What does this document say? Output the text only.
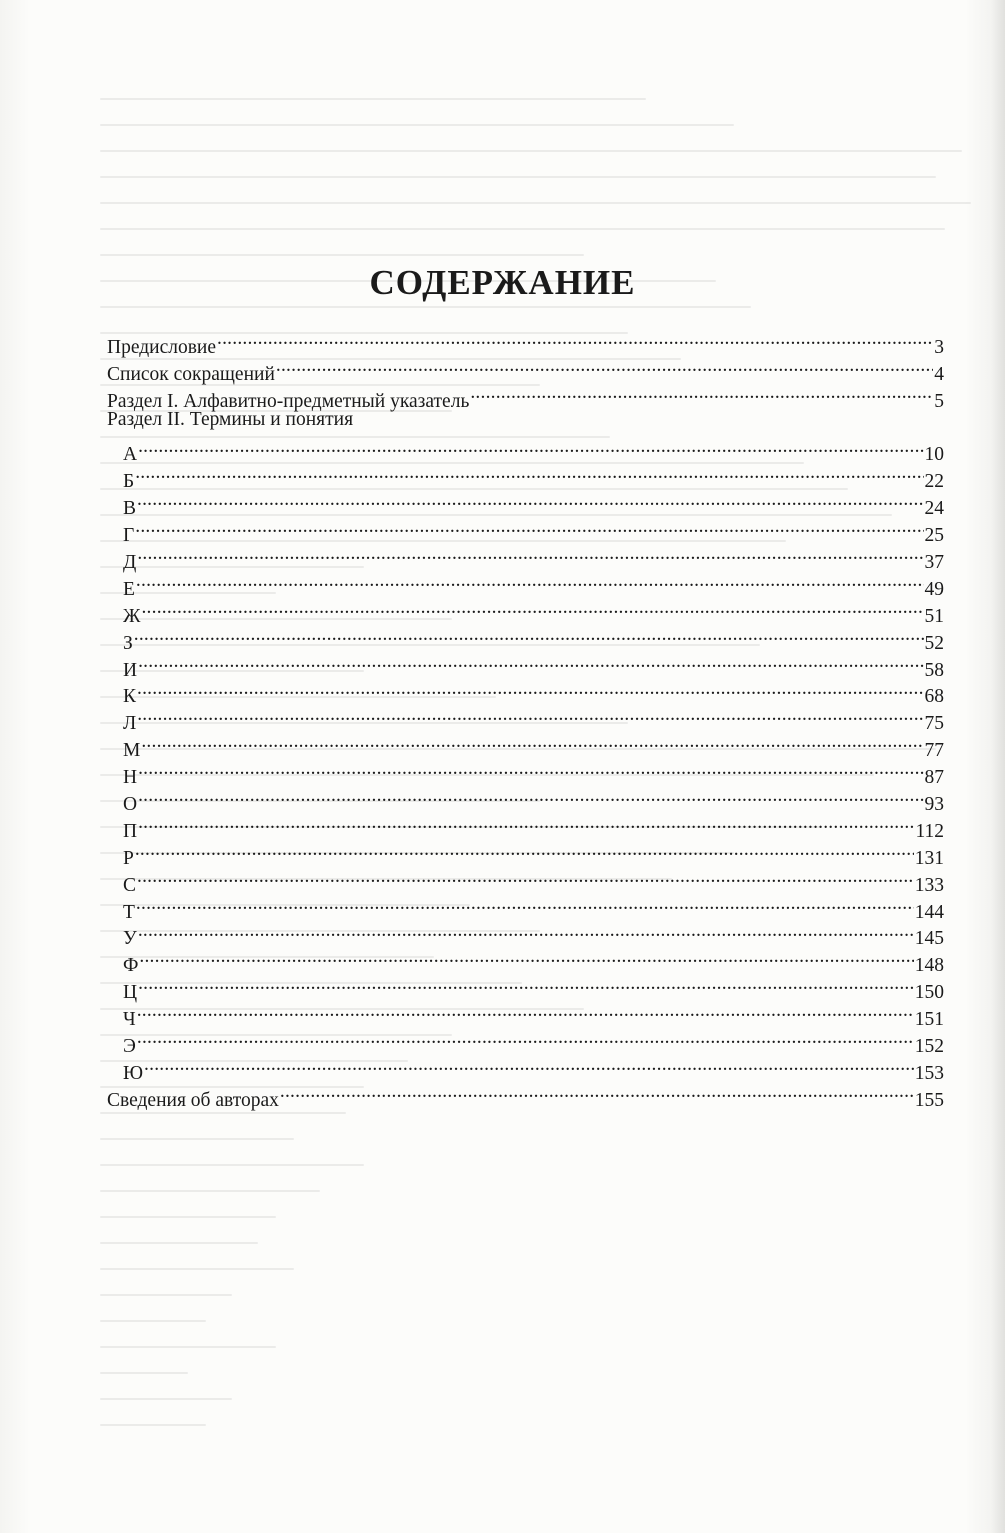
СОДЕРЖАНИЕ
Предисловие .....	3
Список сокращений .....	4
Раздел I. Алфавитно-предметный указатель .....	5
Раздел II. Термины и понятия
А .....	10
Б .....	22
В .....	24
Г .....	25
Д .....	37
Е .....	49
Ж .....	51
З .....	52
И .....	58
К .....	68
Л .....	75
М .....	77
Н .....	87
О .....	93
П .....	112
Р .....	131
С .....	133
Т .....	144
У .....	145
Ф .....	148
Ц .....	150
Ч .....	151
Э .....	152
Ю .....	153
Сведения об авторах .....	155
